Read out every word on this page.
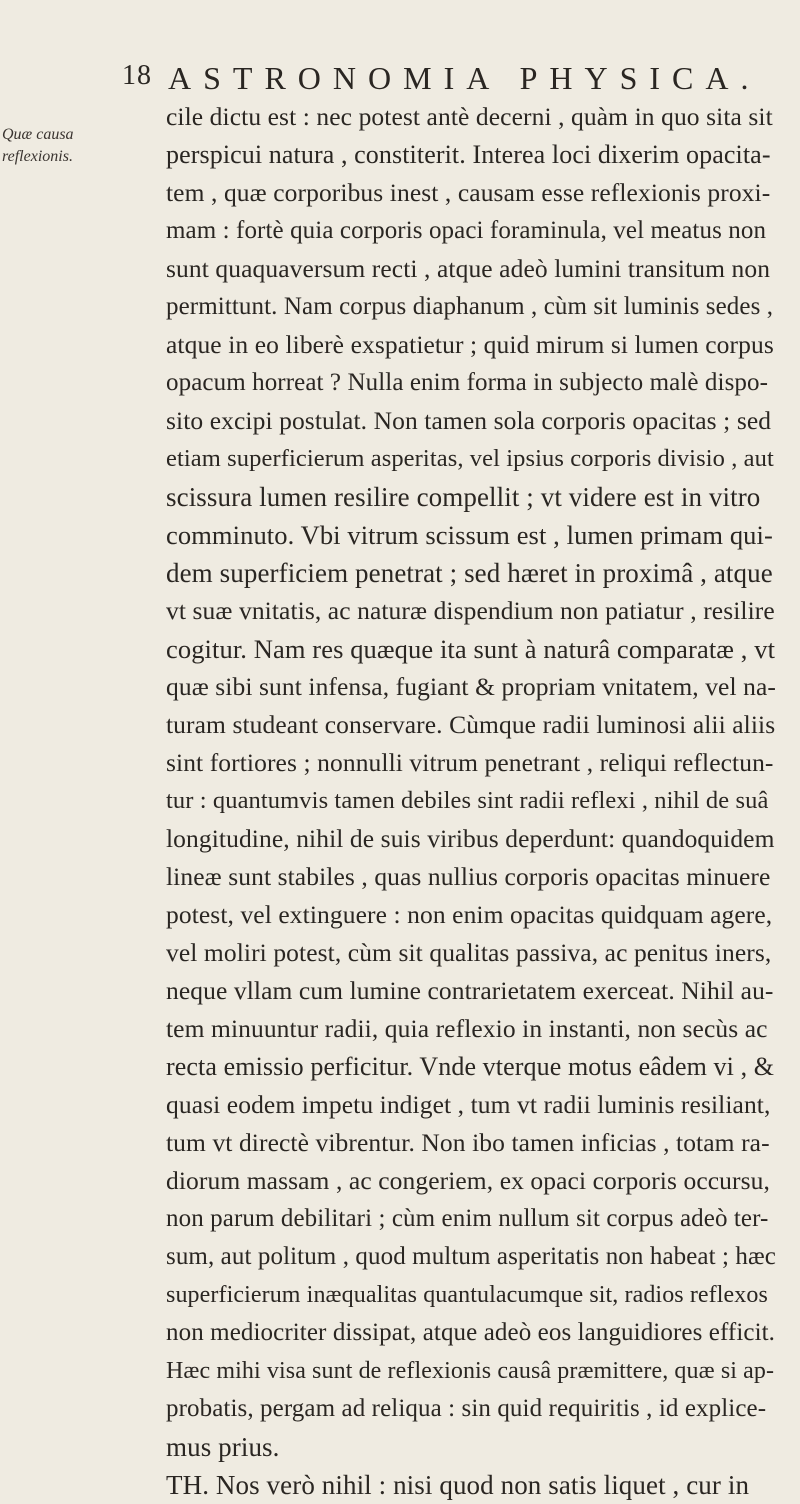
18 ASTRONOMIA PHYSICA.
Quæ causa
reflexionis.
cile dictu est : nec potest antè decerni , quàm in quo sita sit
perspicui natura , constiterit. Interea loci dixerim opacita-
tem , quæ corporibus inest , causam esse reflexionis proxi-
mam : fortè quia corporis opaci foraminula, vel meatus non
sunt quaquaversum recti , atque adeò lumini transitum non
permittunt. Nam corpus diaphanum , cùm sit luminis sedes ,
atque in eo liberè exspatietur ; quid mirum si lumen corpus
opacum horreat ? Nulla enim forma in subjecto malè dispo-
sito excipi postulat. Non tamen sola corporis opacitas ; sed
etiam superficierum asperitas, vel ipsius corporis divisio , aut
scissura lumen resilire compellit ; vt videre est in vitro
comminuto. Vbi vitrum scissum est , lumen primam qui-
dem superficiem penetrat ; sed hæret in proximâ , atque
vt suæ vnitatis, ac naturæ dispendium non patiatur , resilire
cogitur. Nam res quæque ita sunt à naturâ comparatæ , vt
quæ sibi sunt infensa, fugiant & propriam vnitatem, vel na-
turam studeant conservare. Cùmque radii luminosi alii aliis
sint fortiores ; nonnulli vitrum penetrant , reliqui reflectun-
tur : quantumvis tamen debiles sint radii reflexi , nihil de suâ
longitudine, nihil de suis viribus deperdunt: quandoquidem
lineæ sunt stabiles , quas nullius corporis opacitas minuere
potest, vel extinguere : non enim opacitas quidquam agere,
vel moliri potest, cùm sit qualitas passiva, ac penitus iners,
neque vllam cum lumine contrarietatem exerceat. Nihil au-
tem minuuntur radii, quia reflexio in instanti, non secùs ac
recta emissio perficitur. Vnde vterque motus eâdem vi , &
quasi eodem impetu indiget , tum vt radii luminis resiliant,
tum vt directè vibrentur. Non ibo tamen inficias , totam ra-
diorum massam , ac congeriem, ex opaci corporis occursu,
non parum debilitari ; cùm enim nullum sit corpus adeò ter-
sum, aut politum , quod multum asperitatis non habeat ; hæc
superficierum inæqualitas quantulacumque sit, radios reflexos
non mediocriter dissipat, atque adeò eos languidiores efficit.
Hæc mihi visa sunt de reflexionis causâ præmittere, quæ si ap-
probatis, pergam ad reliqua : sin quid requiritis , id explice-
mus prius.
TH. Nos verò nihil : nisi quod non satis liquet , cur in
